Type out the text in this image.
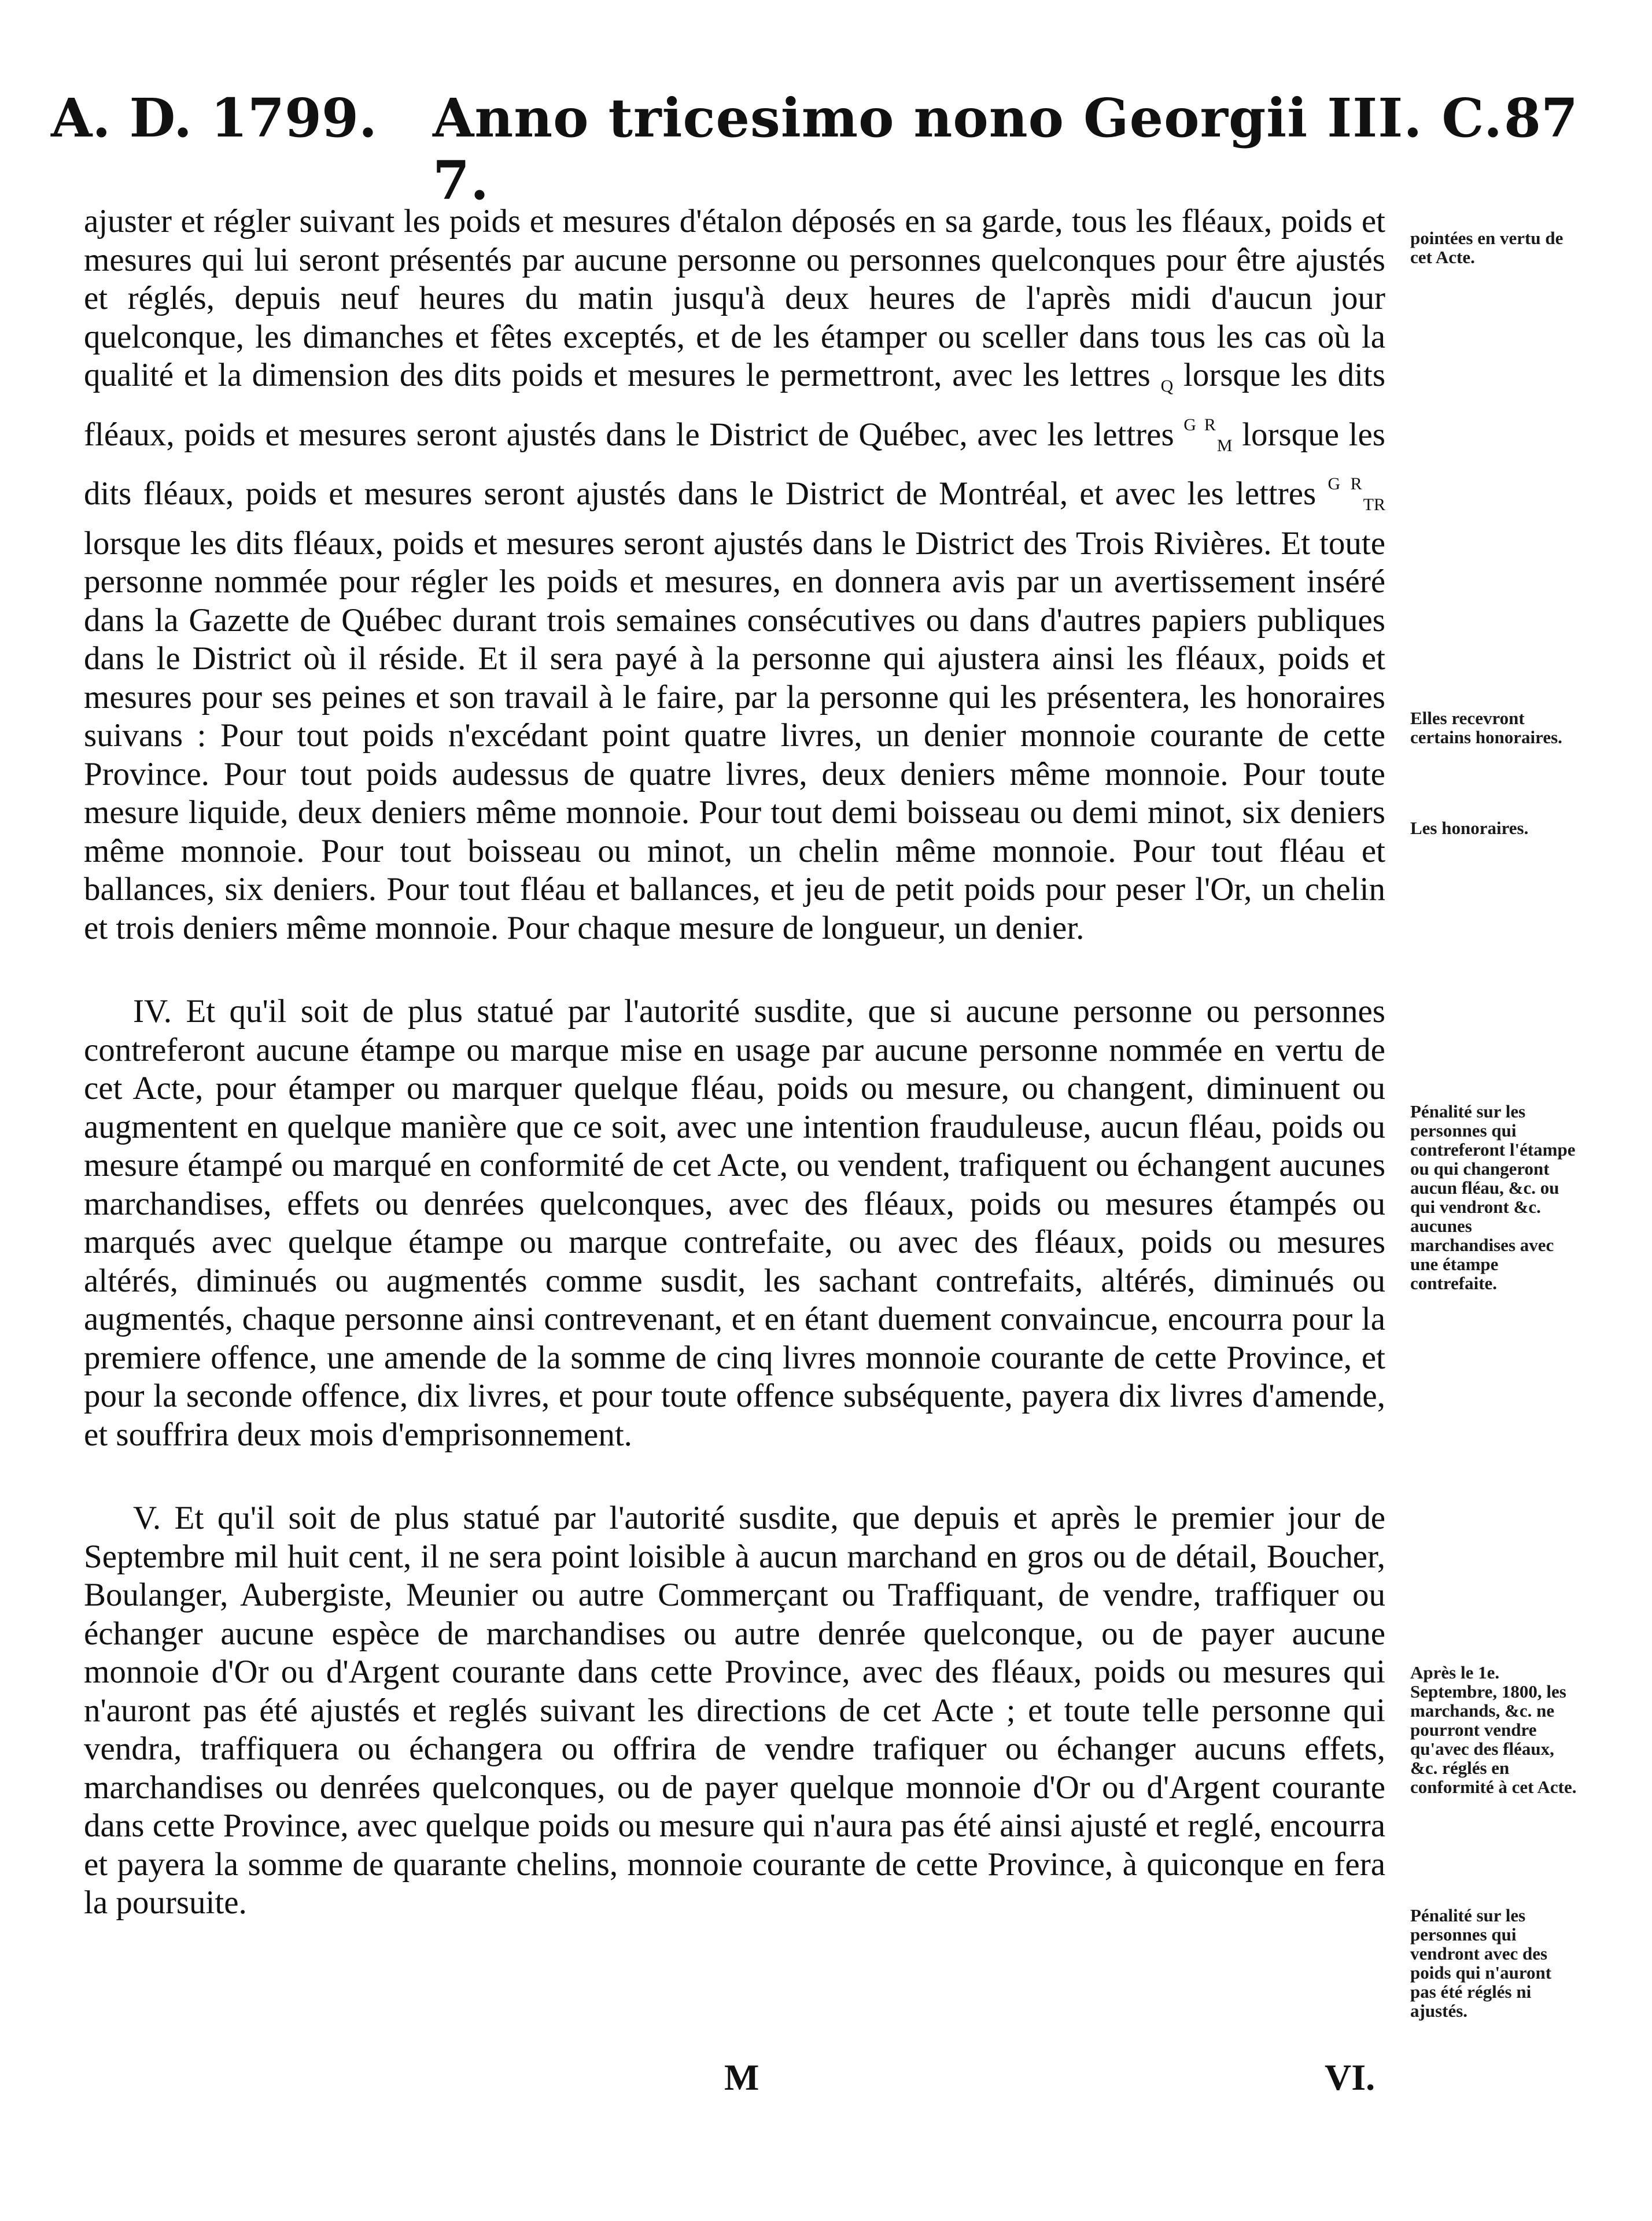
A. D. 1799. Anno tricesimo nono Georgii III. C. 7.
87

ajuster et régler suivant les poids et mesures d'étalon déposés en sa garde, tous les fléaux, poids et mesures qui lui seront présentés par aucune personne ou personnes quelconques pour être ajustés et réglés, depuis neuf heures du matin jusqu'à deux heures de l'après midi d'aucun jour quelconque, les dimanches et fêtes exceptés, et de les étamper ou sceller dans tous les cas où la qualité et la dimension des dits poids et mesures le permettront, avec les lettres $_Q$ lorsque les dits fléaux, poids et mesures seront ajustés dans le District de Québec, avec les lettres $^{G R}_M$ lorsque les dits fléaux, poids et mesures seront ajustés dans le District de Montréal, et avec les lettres $^{G R}_{TR}$ lorsque les dits fléaux, poids et mesures seront ajustés dans le District des Trois Rivières. Et toute personne nommée pour régler les poids et mesures, en donnera avis par un avertissement inséré dans la Gazette de Québec durant trois semaines consécutives ou dans d'autres papiers publiques dans le District où il réside. Et il sera payé à la personne qui ajustera ainsi les fléaux, poids et mesures pour ses peines et son travail à le faire, par la personne qui les présentera, les honoraires suivans : Pour tout poids n'excédant point quatre livres, un denier monnoie courante de cette Province. Pour tout poids audessus de quatre livres, deux deniers même monnoie. Pour toute mesure liquide, deux deniers même monnoie. Pour tout demi boisseau ou demi minot, six deniers même monnoie. Pour tout boisseau ou minot, un chelin même monnoie. Pour tout fléau et ballances, six deniers. Pour tout fléau et ballances, et jeu de petit poids pour peser l'Or, un chelin et trois deniers même monnoie. Pour chaque mesure de longueur, un denier.

IV. Et qu'il soit de plus statué par l'autorité susdite, que si aucune personne ou personnes contreferont aucune étampe ou marque mise en usage par aucune personne nommée en vertu de cet Acte, pour étamper ou marquer quelque fléau, poids ou mesure, ou changent, diminuent ou augmentent en quelque manière que ce soit, avec une intention frauduleuse, aucun fléau, poids ou mesure étampé ou marqué en conformité de cet Acte, ou vendent, trafiquent ou échangent aucunes marchandises, effets ou denrées quelconques, avec des fléaux, poids ou mesures étampés ou marqués avec quelque étampe ou marque contrefaite, ou avec des fléaux, poids ou mesures altérés, diminués ou augmentés comme susdit, les sachant contrefaits, altérés, diminués ou augmentés, chaque personne ainsi contrevenant, et en étant duement convaincue, encourra pour la premiere offence, une amende de la somme de cinq livres monnoie courante de cette Province, et pour la seconde offence, dix livres, et pour toute offence subséquente, payera dix livres d'amende, et souffrira deux mois d'emprisonnement.

V. Et qu'il soit de plus statué par l'autorité susdite, que depuis et après le premier jour de Septembre mil huit cent, il ne sera point loisible à aucun marchand en gros ou de détail, Boucher, Boulanger, Aubergiste, Meunier ou autre Commerçant ou Traffiquant, de vendre, traffiquer ou échanger aucune espèce de marchandises ou autre denrée quelconque, ou de payer aucune monnoie d'Or ou d'Argent courante dans cette Province, avec des fléaux, poids ou mesures qui n'auront pas été ajustés et reglés suivant les directions de cet Acte ; et toute telle personne qui vendra, traffiquera ou échangera ou offrira de vendre trafiquer ou échanger aucuns effets, marchandises ou denrées quelconques, ou de payer quelque monnoie d'Or ou d'Argent courante dans cette Province, avec quelque poids ou mesure qui n'aura pas été ainsi ajusté et reglé, encourra et payera la somme de quarante chelins, monnoie courante de cette Province, à quiconque en fera la poursuite.

pointées en vertu de cet Acte.
Elles recevront certains honoraires.
Les honoraires.
Pénalité sur les personnes qui contreferont l'étampe ou qui changeront aucun fléau, &c. ou qui vendront &c. aucunes marchandises avec une étampe contrefaite.
Après le 1e. Septembre, 1800, les marchands, &c. ne pourront vendre qu'avec des fléaux, &c. réglés en conformité à cet Acte.
Pénalité sur les personnes qui vendront avec des poids qui n'auront pas été réglés ni ajustés.
M	VI.
